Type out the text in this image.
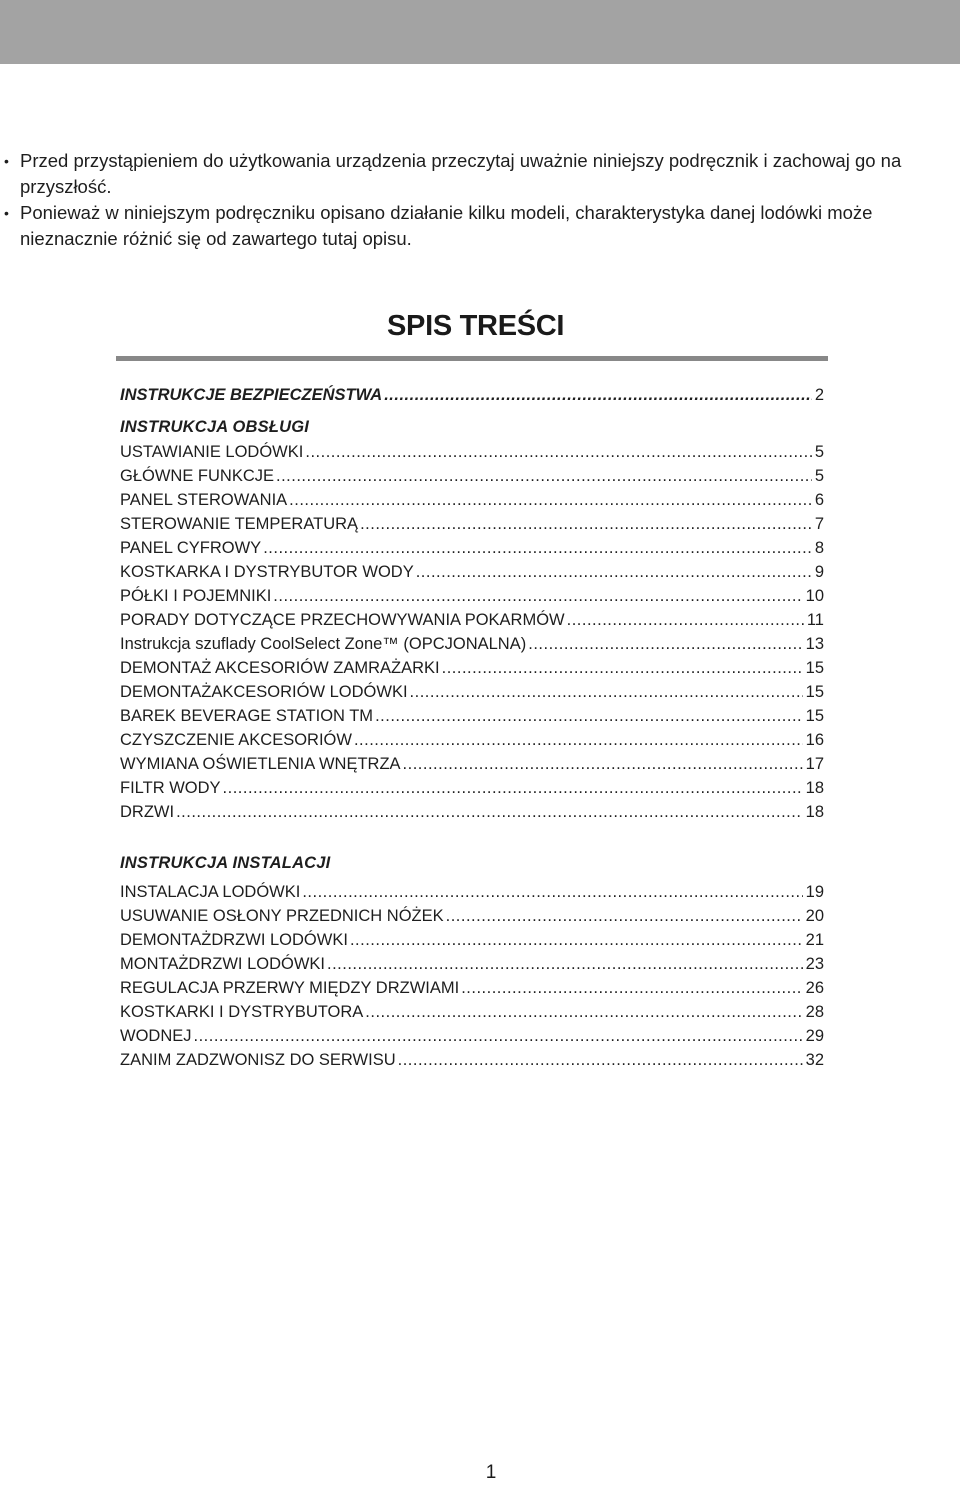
• Przed przystąpieniem do użytkowania urządzenia przeczytaj uważnie niniejszy podręcznik i zachowaj go na przyszłość.
• Ponieważ w niniejszym podręczniku opisano działanie kilku modeli, charakterystyka danej lodówki może nieznacznie różnić się od zawartego tutaj opisu.
SPIS TREŚCI
INSTRUKCJE BEZPIECZEŃSTWA .....	2
INSTRUKCJA OBSŁUGI
USTAWIANIE LODÓWKI .....	5
GŁÓWNE FUNKCJE .....	5
PANEL STEROWANIA .....	6
STEROWANIE TEMPERATURĄ .....	7
PANEL CYFROWY .....	8
KOSTKARKA I DYSTRYBUTOR WODY .....	9
PÓŁKI I POJEMNIKI .....	10
PORADY DOTYCZĄCE PRZECHOWYWANIA POKARMÓW .....	11
Instrukcja szuflady CoolSelect Zone™ (OPCJONALNA) .....	13
DEMONTAŻ AKCESORIÓW ZAMRAŻARKI .....	15
DEMONTAŻAKCESORIÓW LODÓWKI .....	15
BAREK BEVERAGE STATION TM .....	15
CZYSZCZENIE AKCESORIÓW .....	16
WYMIANA OŚWIETLENIA WNĘTRZA .....	17
FILTR WODY .....	18
DRZWI .....	18
INSTRUKCJA INSTALACJI
INSTALACJA LODÓWKI .....	19
USUWANIE OSŁONY PRZEDNICH NÓŻEK .....	20
DEMONTAŻDRZWI LODÓWKI .....	21
MONTAŻDRZWI LODÓWKI .....	23
REGULACJA PRZERWY MIĘDZY DRZWIAMI .....	26
KOSTKARKI I DYSTRYBUTORA .....	28
WODNEJ .....	29
ZANIM ZADZWONISZ DO SERWISU .....	32
1
